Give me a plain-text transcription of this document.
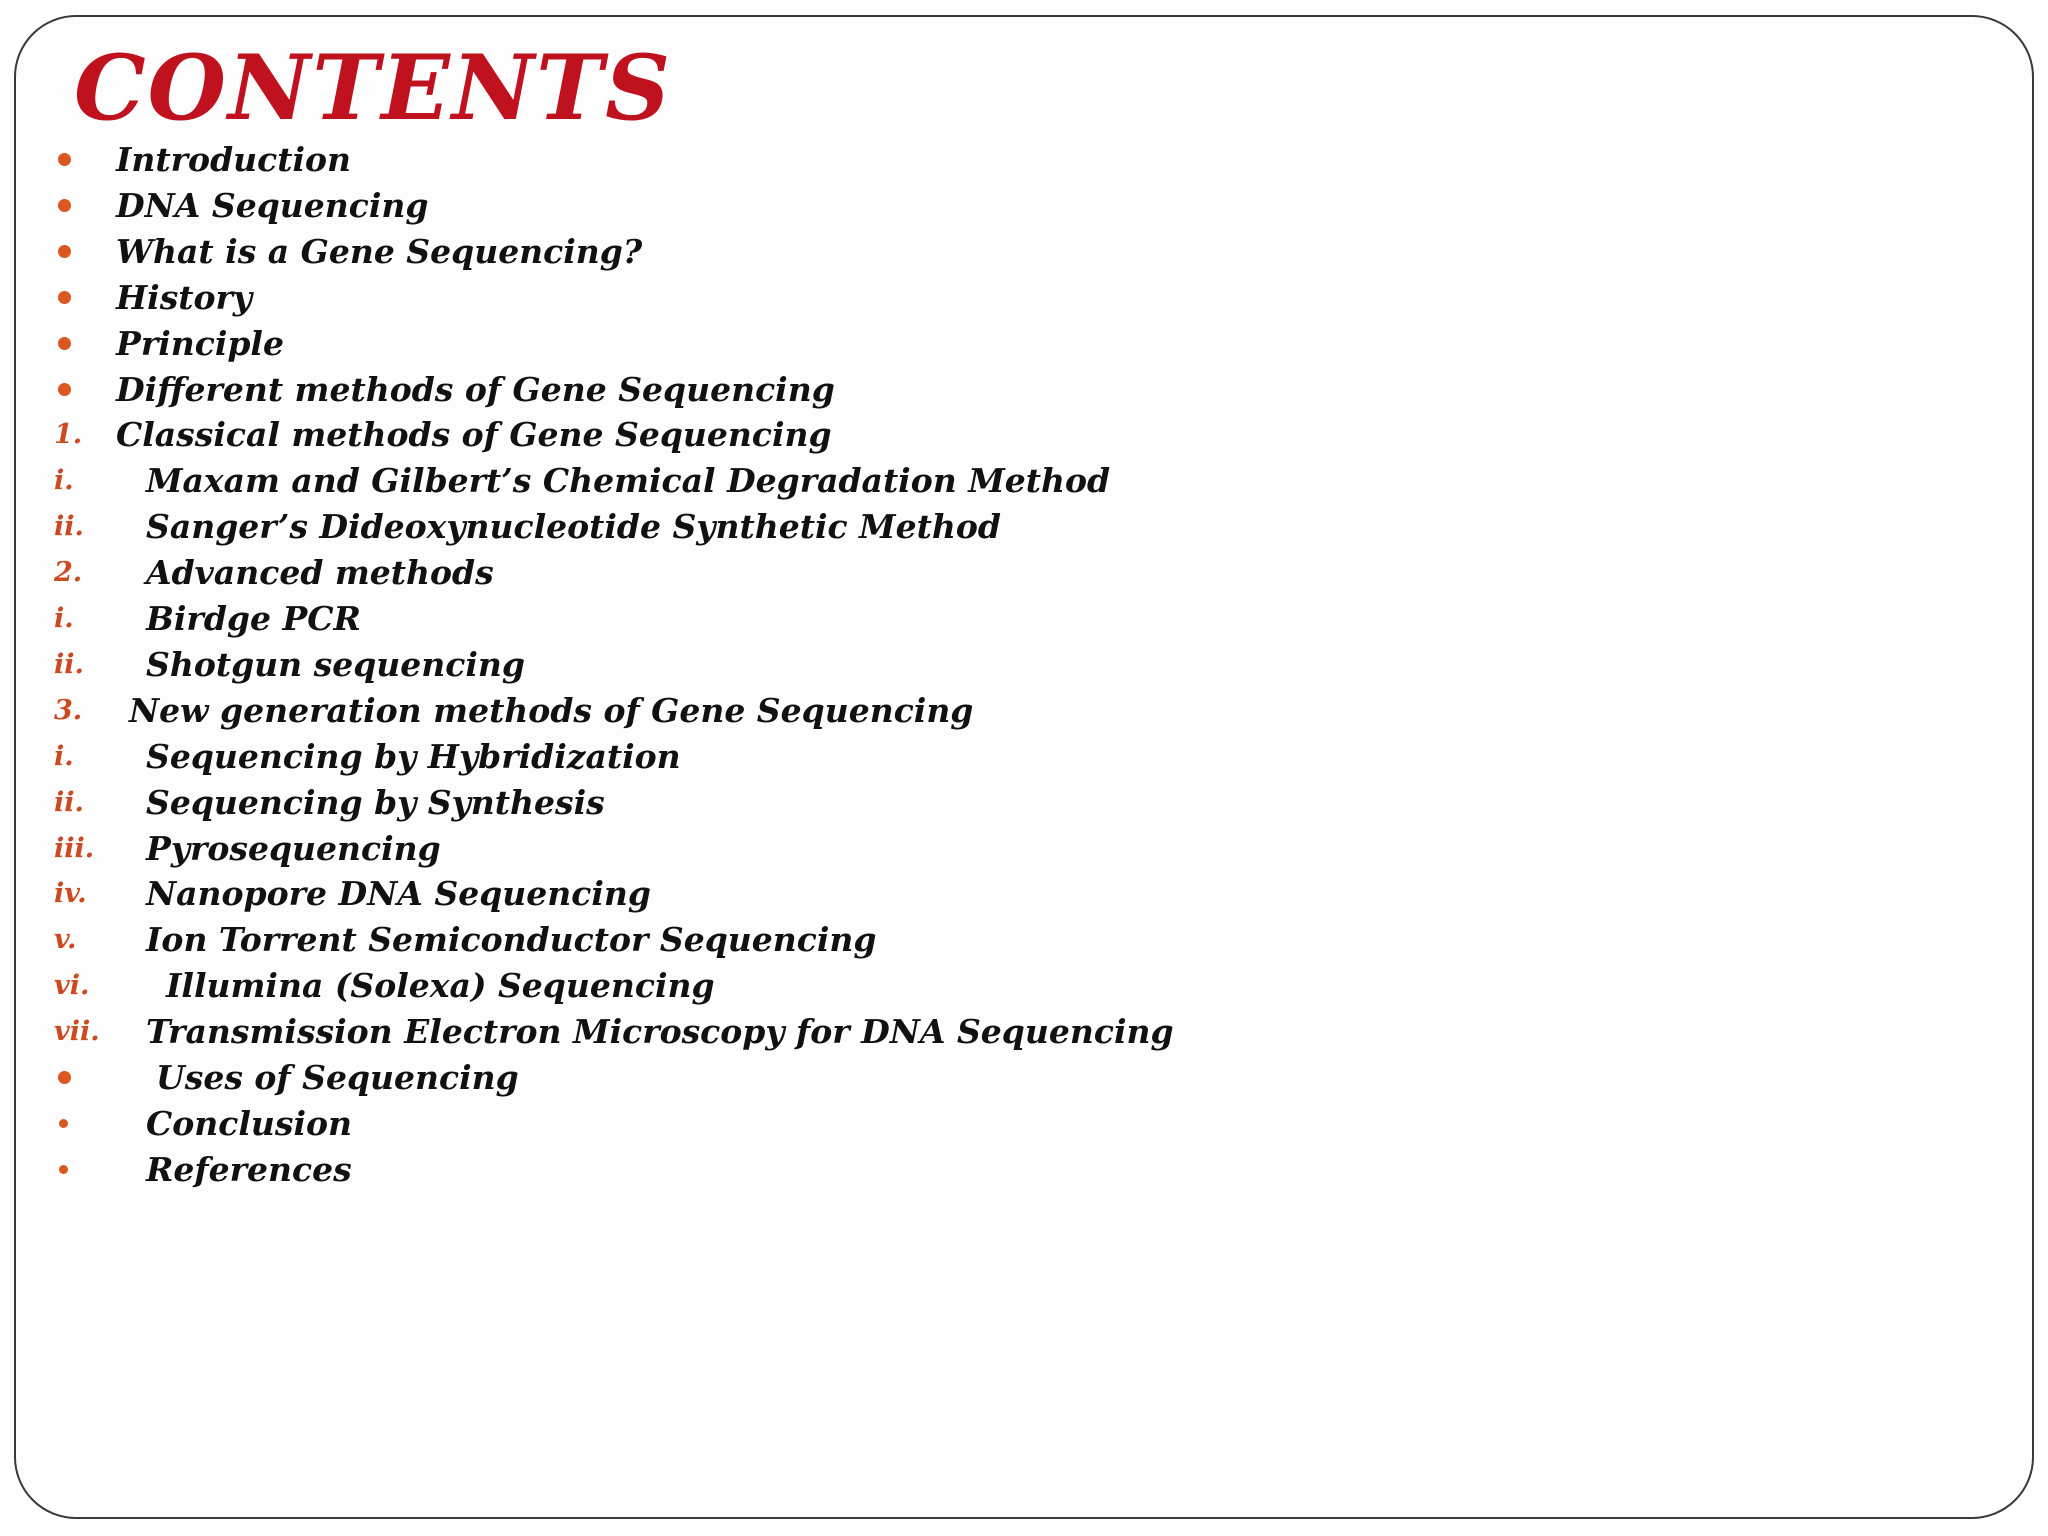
CONTENTS
Introduction
DNA Sequencing
What is a Gene Sequencing?
History
Principle
Different methods of Gene Sequencing
1. Classical methods of Gene Sequencing
i. Maxam and Gilbert’s Chemical Degradation Method
ii. Sanger’s Dideoxynucleotide Synthetic Method
2. Advanced methods
i. Birdge PCR
ii. Shotgun sequencing
3. New generation methods of Gene Sequencing
i. Sequencing by Hybridization
ii. Sequencing by Synthesis
iii. Pyrosequencing
iv. Nanopore DNA Sequencing
v. Ion Torrent Semiconductor Sequencing
vi. Illumina (Solexa) Sequencing
vii. Transmission Electron Microscopy for DNA Sequencing
Uses of Sequencing
Conclusion
References
